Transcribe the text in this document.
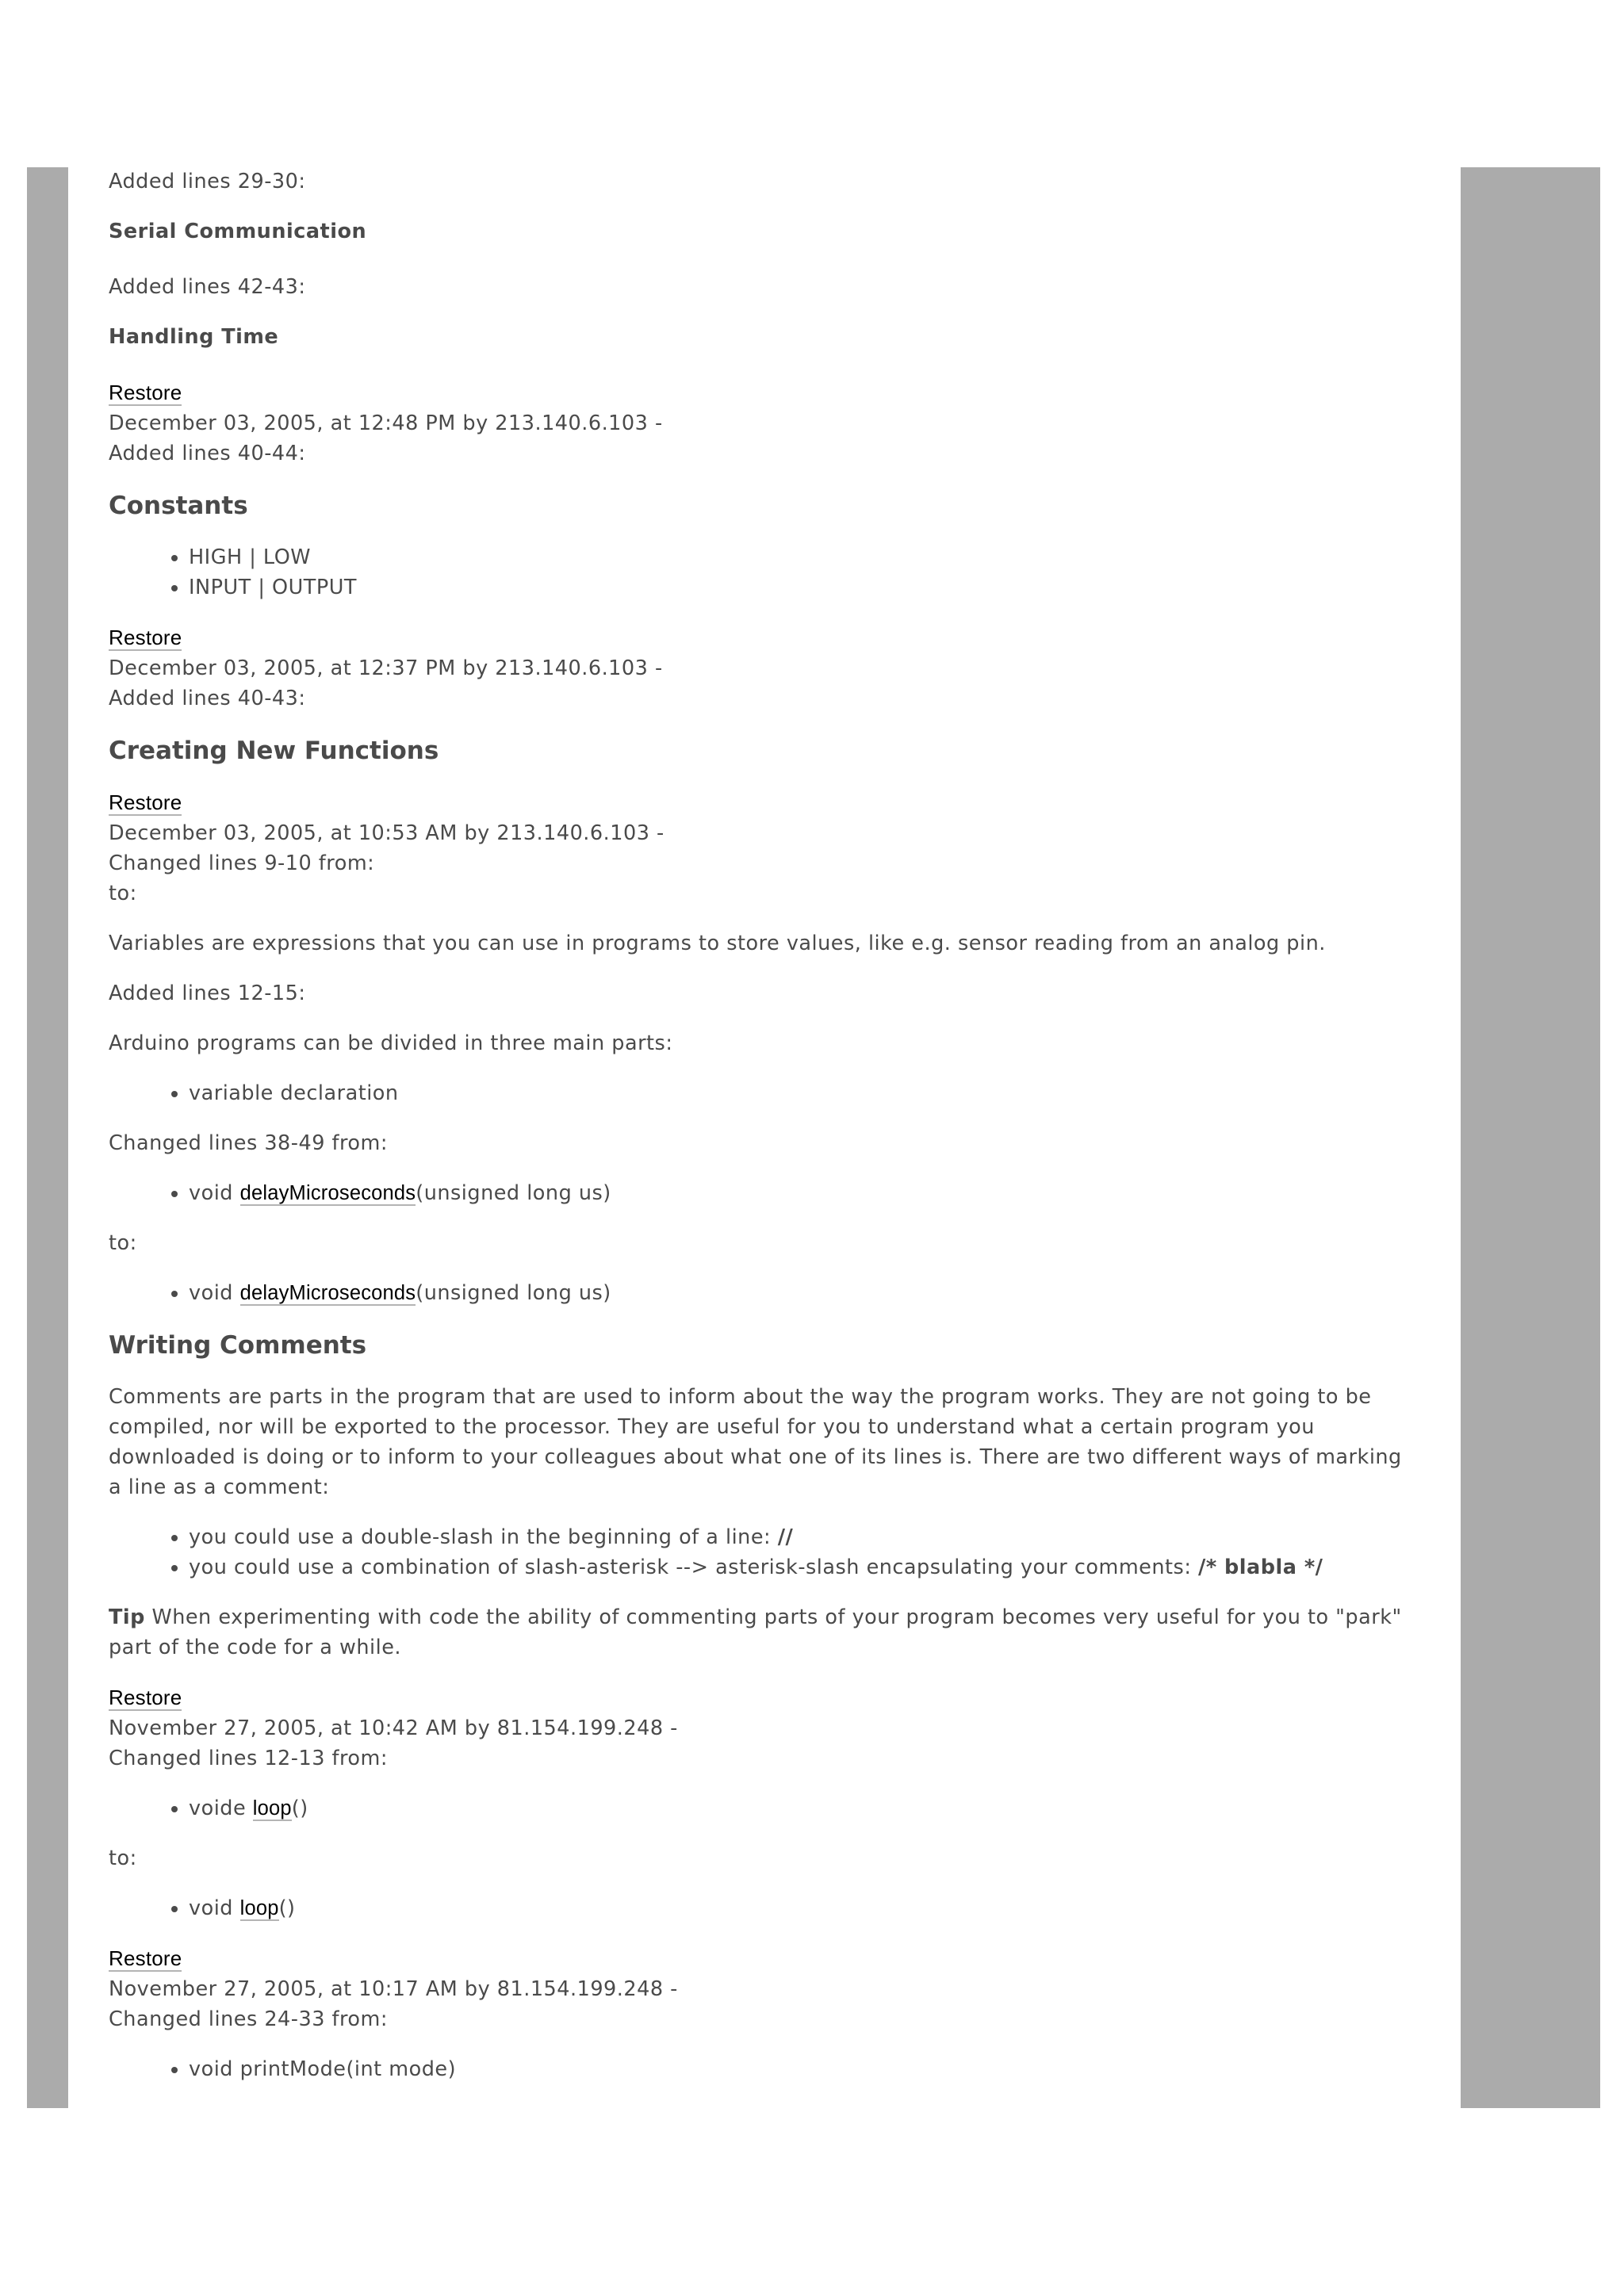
Added lines 29-30:

Serial Communication

Added lines 42-43:

Handling Time

Restore

December 03, 2005, at 12:48 PM by 213.140.6.103 -

Added lines 40-44:

Constants
• HIGH | LOW
• INPUT | OUTPUT

Restore

December 03, 2005, at 12:37 PM by 213.140.6.103 -

Added lines 40-43:

Creating New Functions

Restore

December 03, 2005, at 10:53 AM by 213.140.6.103 -

Changed lines 9-10 from:

to:

Variables are expressions that you can use in programs to store values, like e.g. sensor reading from an analog pin.

Added lines 12-15:

Arduino programs can be divided in three main parts:

• variable declaration

Changed lines 38-49 from:

• void delayMicroseconds(unsigned long us)

to:

• void delayMicroseconds(unsigned long us)
Writing Comments

Comments are parts in the program that are used to inform about the way the program works. They are not going to be compiled, nor will be exported to the processor. They are useful for you to understand what a certain program you downloaded is doing or to inform to your colleagues about what one of its lines is. There are two different ways of marking a line as a comment:

• you could use a double-slash in the beginning of a line: //
• you could use a combination of slash-asterisk --> asterisk-slash encapsulating your comments: /* blabla */

Tip When experimenting with code the ability of commenting parts of your program becomes very useful for you to "park" part of the code for a while.

Restore

November 27, 2005, at 10:42 AM by 81.154.199.248 -

Changed lines 12-13 from:

• voide loop()

to:

• void loop()

Restore

November 27, 2005, at 10:17 AM by 81.154.199.248 -

Changed lines 24-33 from:

• void printMode(int mode)
